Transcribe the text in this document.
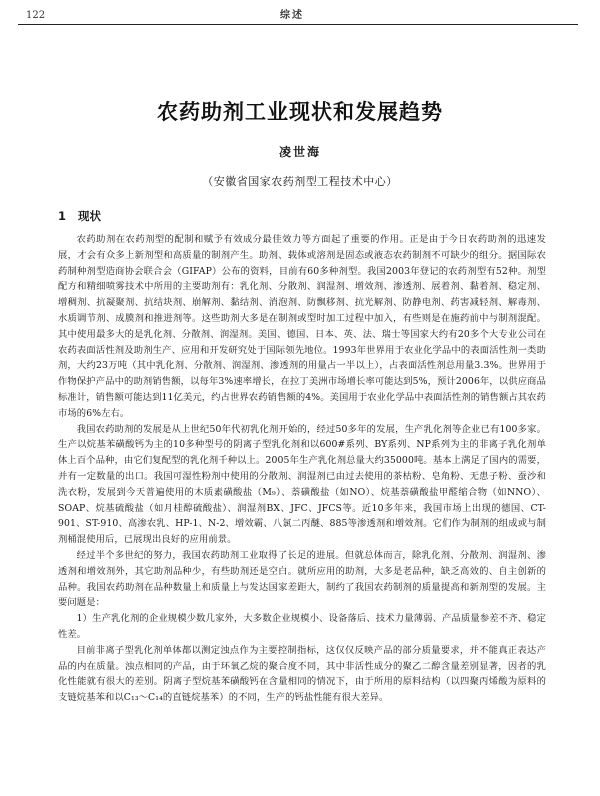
122	综述
农药助剂工业现状和发展趋势
凌世海
（安徽省国家农药剂型工程技术中心）
1 现状

农药助剂在农药剂型的配制和赋予有效成分最佳效力等方面起了重要的作用。正是由于今日农药助剂的迅速发展，才会有众多上新剂型和高质量的制剂产生。助剂、载体或溶剂是固态或液态农药制剂不可缺少的组分。据国际农药制种剂型造商协会联合会（GIFAP）公布的资料，目前有60多种剂型。我国2003年登记的农药剂型有52种。剂型配方和精细喷雾技术中所用的主要助剂有：乳化剂、分散剂、润湿剂、增效剂、渗透剂、展着剂、黏着剂、稳定剂、增稠剂、抗凝聚剂、抗结块剂、崩解剂、黏结剂、消泡剂、防飘移剂、抗光解剂、防静电剂、药害减轻剂、解毒剂、水质调节剂、成膜剂和推进剂等。这些助剂大多是在制剂或型时加工过程中加入，有些则是在施药前中与制剂混配。其中使用最多大的是乳化剂、分散剂、润湿剂。美国、德国、日本、英、法、瑞士等国家大约有20多个大专业公司在农药表面活性剂及助剂生产、应用和开发研究处于国际领先地位。1993年世界用于农业化学品中的表面活性剂一类助剂，大约23万吨（其中乳化剂、分散剂、润湿剂、渗透剂的用量占一半以上），占表面活性剂总用量3.3%。世界用于作物保护产品中的助剂销售额，以每年3%速率增长，在拉丁美洲市场增长率可能达到5%，预计2006年，以供应商品标准计，销售额可能达到11亿美元，约占世界农药销售额的4%。美国用于农业化学品中表面活性剂的销售额占其农药市场的6%左右。

我国农药助剂的发展是从上世纪50年代初乳化剂开始的，经过50多年的发展，生产乳化剂等企业已有100多家。生产以烷基苯磺酸钙为主的10多种型号的阴离子型乳化剂和以600#系列、BY系列、NP系列为主的非离子乳化剂单体上百个品种，由它们复配型的乳化剂千种以上。2005年生产乳化剂总量大约35000吨。基本上满足了国内的需要，并有一定数量的出口。我国可湿性粉剂中使用的分散剂、润湿剂已由过去使用的茶枯粉、皂角粉、无患子粉、蚕沙和洗衣粉，发展到今天普遍使用的木质素磺酸盐（M₉）、萘磺酸盐（如NO）、烷基萘磺酸盐甲醛缩合物（如NNO）、SOAP、烷基硫酸盐（如月桂醇硫酸盐）、润湿剂BX、JFC、JFCS等。近10多年来，我国市场上出现的德国、CT-901、ST-910、高渗农乳、HP-1、N-2、增效霸、八氯二丙醚、885等渗透剂和增效剂。它们作为制剂的组成或与制剂桶混使用后，已展现出良好的应用前景。

经过半个多世纪的努力，我国农药助剂工业取得了长足的进展。但就总体而言，除乳化剂、分散剂、润湿剂、渗透剂和增效剂外，其它助剂品种少，有些助剂还是空白。就所应用的助剂，大多是老品种，缺乏高效的、自主创新的品种。我国农药助剂在品种数量上和质量上与发达国家差距大，制约了我国农药制剂的质量提高和新剂型的发展。主要问题是：

1）生产乳化剂的企业规模少数几家外，大多数企业规模小、设备落后、技术力量薄弱、产品质量参差不齐、稳定性差。

目前非离子型乳化剂单体都以测定浊点作为主要控制指标，这仅仅反映产品的部分质量要求，并不能真正表达产品的内在质量。浊点相同的产品，由于环氧乙烷的聚合度不同，其中非活性成分的聚乙二醇含量差别显著，因者的乳化性能就有很大的差别。阴离子型烷基苯磺酸钙在含量相同的情况下，由于所用的原料结构（以四聚丙烯酸为原料的支链烷基苯和以C₁₃～C₁₄的直链烷基苯）的不同，生产的钙盐性能有很大差异。
